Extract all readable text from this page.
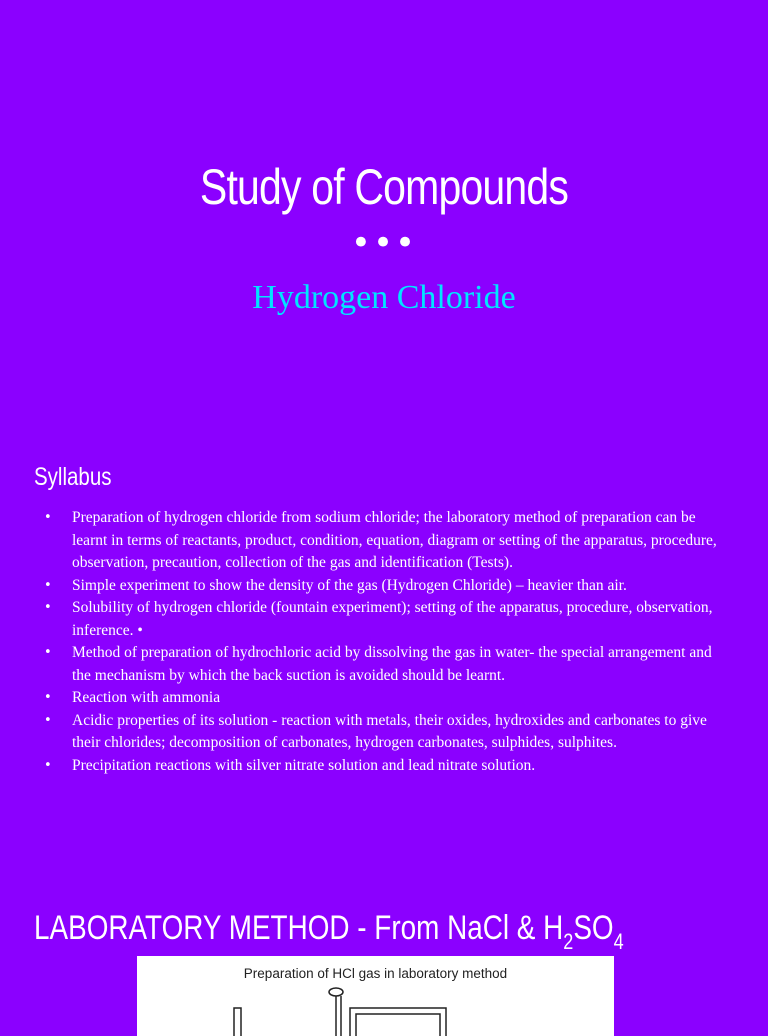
Study of Compounds
•••
Hydrogen Chloride
Syllabus
• Preparation of hydrogen chloride from sodium chloride; the laboratory method of preparation can be learnt in terms of reactants, product, condition, equation, diagram or setting of the apparatus, procedure, observation, precaution, collection of the gas and identification (Tests).
• Simple experiment to show the density of the gas (Hydrogen Chloride) – heavier than air.
• Solubility of hydrogen chloride (fountain experiment); setting of the apparatus, procedure, observation, inference. •
• Method of preparation of hydrochloric acid by dissolving the gas in water- the special arrangement and the mechanism by which the back suction is avoided should be learnt.
• Reaction with ammonia
• Acidic properties of its solution - reaction with metals, their oxides, hydroxides and carbonates to give their chlorides; decomposition of carbonates, hydrogen carbonates, sulphides, sulphites.
• Precipitation reactions with silver nitrate solution and lead nitrate solution.
LABORATORY METHOD - From NaCl & $H_2SO_4$
Preparation of HCl gas in laboratory method
